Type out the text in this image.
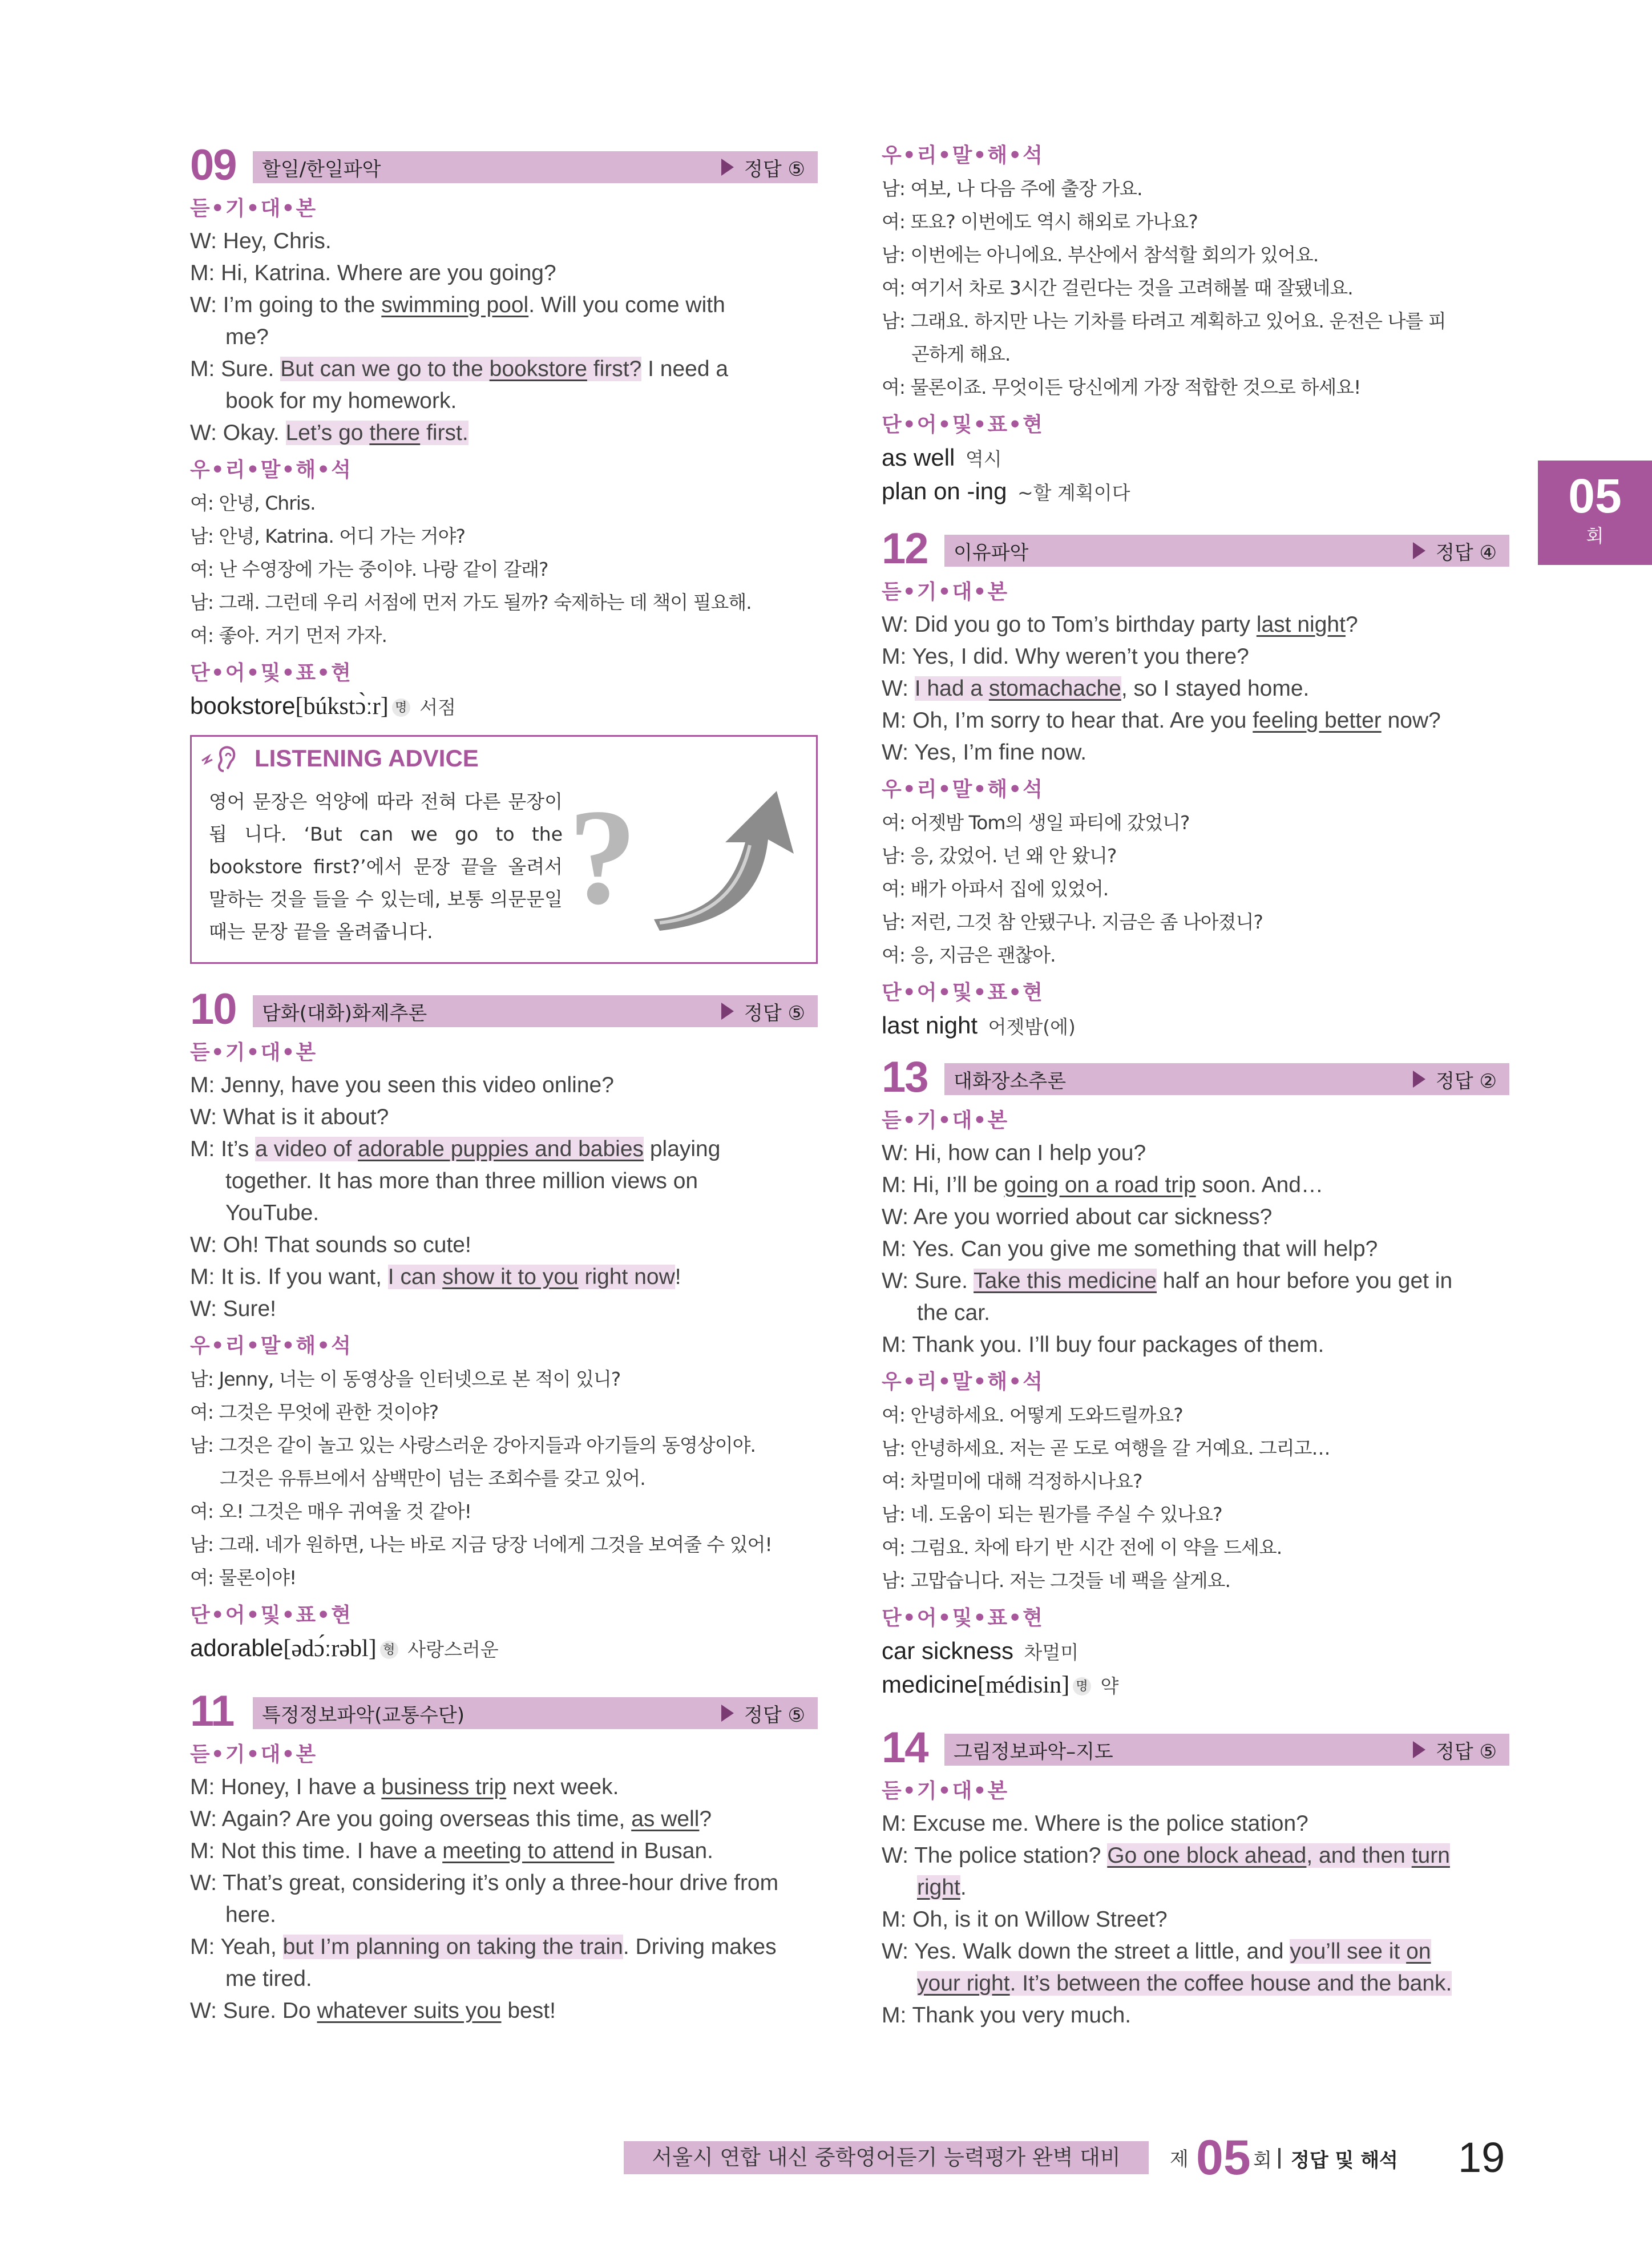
05
회
09	할일/한일파악	정답 ⑤
듣•기•대•본
W: Hey, Chris.
M: Hi, Katrina. Where are you going?
W: I’m going to the swimming pool. Will you come with
me?
M: Sure. But can we go to the bookstore first? I need a
book for my homework.
W: Okay. Let’s go there first.
우•리•말•해•석
여: 안녕, Chris.
남: 안녕, Katrina. 어디 가는 거야?
여: 난 수영장에 가는 중이야. 나랑 같이 갈래?
남: 그래. 그런데 우리 서점에 먼저 가도 될까? 숙제하는 데 책이 필요해.
여: 좋아. 거기 먼저 가자.
단•어•및•표•현
bookstore[búkstɔ̀ːr] 명 서점
LISTENING ADVICE
영어 문장은 억양에 따라 전혀 다른 문장이 됩 니다. ‘But can we go to the bookstore first?’에서 문장 끝을 올려서 말하는 것을 들을 수 있는데, 보통 의문문일 때는 문장 끝을 올려줍니다. ?
10	담화(대화)화제추론	정답 ⑤
듣•기•대•본
M: Jenny, have you seen this video online?
W: What is it about?
M: It’s a video of adorable puppies and babies playing
together. It has more than three million views on
YouTube.
W: Oh! That sounds so cute!
M: It is. If you want, I can show it to you right now!
W: Sure!
우•리•말•해•석
남: Jenny, 너는 이 동영상을 인터넷으로 본 적이 있니?
여: 그것은 무엇에 관한 것이야?
남: 그것은 같이 놀고 있는 사랑스러운 강아지들과 아기들의 동영상이야.
그것은 유튜브에서 삼백만이 넘는 조회수를 갖고 있어.
여: 오! 그것은 매우 귀여울 것 같아!
남: 그래. 네가 원하면, 나는 바로 지금 당장 너에게 그것을 보여줄 수 있어!
여: 물론이야!
단•어•및•표•현
adorable[ədɔ́ːrəbl] 형 사랑스러운
11	특정정보파악(교통수단)	정답 ⑤
듣•기•대•본
M: Honey, I have a business trip next week.
W: Again? Are you going overseas this time, as well?
M: Not this time. I have a meeting to attend in Busan.
W: That’s great, considering it’s only a three-hour drive from
here.
M: Yeah, but I’m planning on taking the train. Driving makes
me tired.
W: Sure. Do whatever suits you best!
우•리•말•해•석
남: 여보, 나 다음 주에 출장 가요.
여: 또요? 이번에도 역시 해외로 가나요?
남: 이번에는 아니에요. 부산에서 참석할 회의가 있어요.
여: 여기서 차로 3시간 걸린다는 것을 고려해볼 때 잘됐네요.
남: 그래요. 하지만 나는 기차를 타려고 계획하고 있어요. 운전은 나를 피
곤하게 해요.
여: 물론이죠. 무엇이든 당신에게 가장 적합한 것으로 하세요!
단•어•및•표•현
as well 역시
plan on -ing ~할 계획이다
12	이유파악	정답 ④
듣•기•대•본
W: Did you go to Tom’s birthday party last night?
M: Yes, I did. Why weren’t you there?
W: I had a stomachache, so I stayed home.
M: Oh, I’m sorry to hear that. Are you feeling better now?
W: Yes, I’m fine now.
우•리•말•해•석
여: 어젯밤 Tom의 생일 파티에 갔었니?
남: 응, 갔었어. 넌 왜 안 왔니?
여: 배가 아파서 집에 있었어.
남: 저런, 그것 참 안됐구나. 지금은 좀 나아졌니?
여: 응, 지금은 괜찮아.
단•어•및•표•현
last night 어젯밤(에)
13	대화장소추론	정답 ②
듣•기•대•본
W: Hi, how can I help you?
M: Hi, I’ll be going on a road trip soon. And…
W: Are you worried about car sickness?
M: Yes. Can you give me something that will help?
W: Sure. Take this medicine half an hour before you get in
the car.
M: Thank you. I’ll buy four packages of them.
우•리•말•해•석
여: 안녕하세요. 어떻게 도와드릴까요?
남: 안녕하세요. 저는 곧 도로 여행을 갈 거예요. 그리고…
여: 차멀미에 대해 걱정하시나요?
남: 네. 도움이 되는 뭔가를 주실 수 있나요?
여: 그럼요. 차에 타기 반 시간 전에 이 약을 드세요.
남: 고맙습니다. 저는 그것들 네 팩을 살게요.
단•어•및•표•현
car sickness 차멀미
medicine[médisin] 명 약
14	그림정보파악–지도	정답 ⑤
듣•기•대•본
M: Excuse me. Where is the police station?
W: The police station? Go one block ahead, and then turn
right.
M: Oh, is it on Willow Street?
W: Yes. Walk down the street a little, and you’ll see it on
your right. It’s between the coffee house and the bank.
M: Thank you very much.
서울시 연합 내신 중학영어듣기 능력평가 완벽 대비	제 05 회 정답 및 해석 19
